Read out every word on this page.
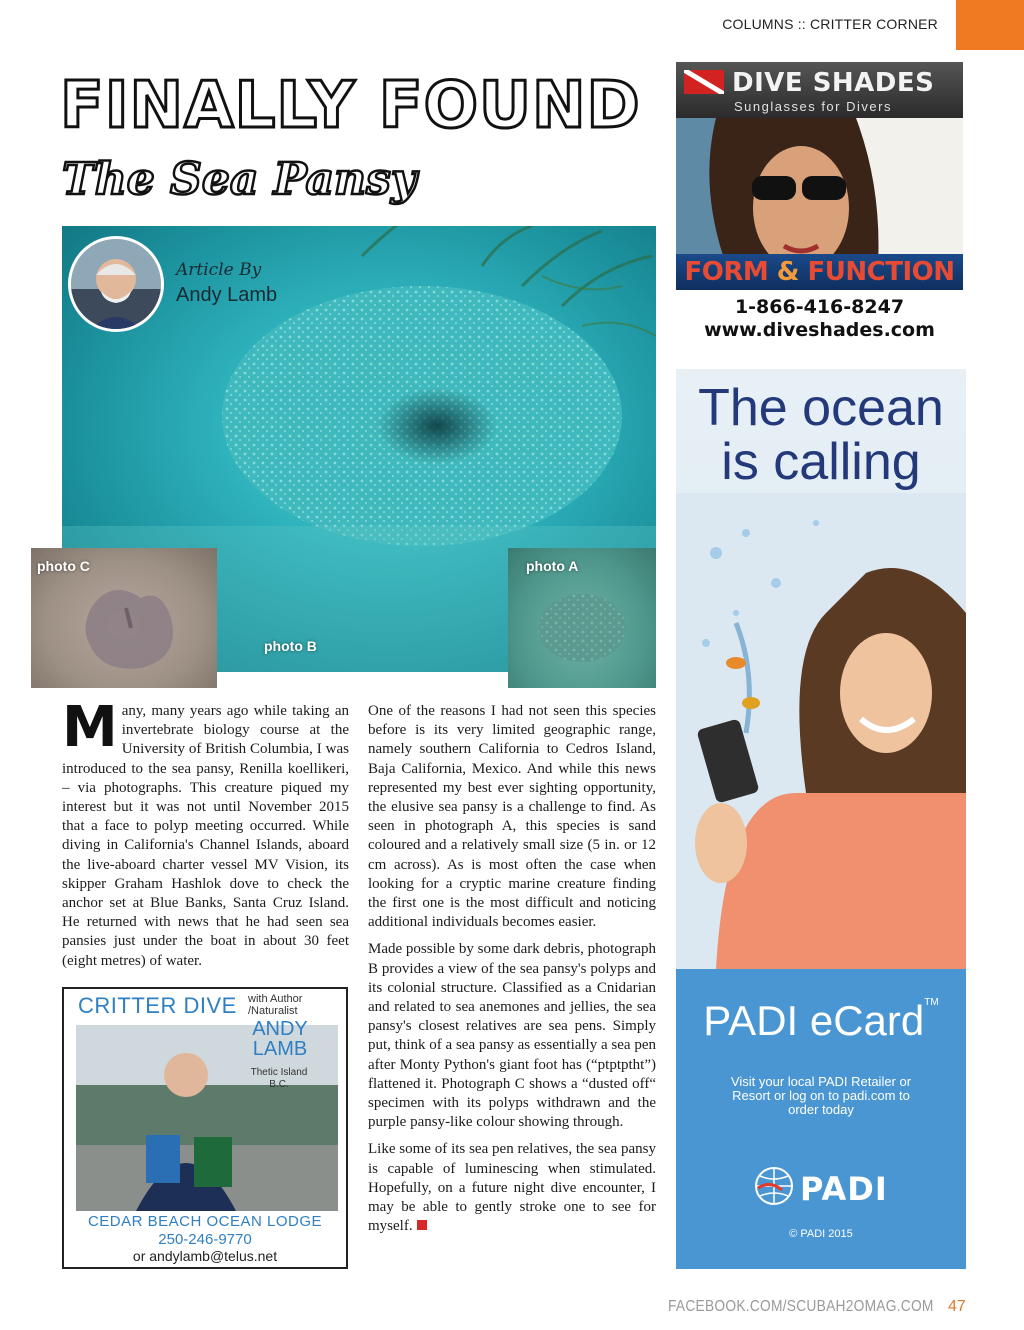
COLUMNS :: CRITTER CORNER
FINALLY FOUND
The Sea Pansy
Article By
Andy Lamb
photo C	photo A
photo B

Many, many years ago while taking an invertebrate biology course at the University of British Columbia, I was introduced to the sea pansy, Renilla koellikeri, – via photographs. This creature piqued my interest but it was not until November 2015 that a face to polyp meeting occurred. While diving in California's Channel Islands, aboard the live-aboard charter vessel MV Vision, its skipper Graham Hashlok dove to check the anchor set at Blue Banks, Santa Cruz Island. He returned with news that he had seen sea pansies just under the boat in about 30 feet (eight metres) of water.

One of the reasons I had not seen this species before is its very limited geographic range, namely southern California to Cedros Island, Baja California, Mexico. And while this news represented my best ever sighting opportunity, the elusive sea pansy is a challenge to find. As seen in photograph A, this species is sand coloured and a relatively small size (5 in. or 12 cm across). As is most often the case when looking for a cryptic marine creature finding the first one is the most difficult and noticing additional individuals becomes easier.

Made possible by some dark debris, photograph B provides a view of the sea pansy's polyps and its colonial structure. Classified as a Cnidarian and related to sea anemones and jellies, the sea pansy's closest relatives are sea pens. Simply put, think of a sea pansy as essentially a sea pen after Monty Python's giant foot has (“ptptptht”) flattened it. Photograph C shows a “dusted off“ specimen with its polyps withdrawn and the purple pansy-like colour showing through.

Like some of its sea pen relatives, the sea pansy is capable of luminescing when stimulated. Hopefully, on a future night dive encounter, I may be able to gently stroke one to see for myself.

CRITTER DIVE with Author /Naturalist
ANDY LAMB
Thetic Island B.C.
CEDAR BEACH OCEAN LODGE
250-246-9770
or andylamb@telus.net
DIVE SHADES
Sunglasses for Divers
FORM & FUNCTION
1-866-416-8247
www.diveshades.com
The ocean
is calling
PADI eCard™
Visit your local PADI Retailer or Resort or log on to padi.com to order today
PADI
© PADI 2015
FACEBOOK.COM/SCUBAH2OMAG.COM 47
